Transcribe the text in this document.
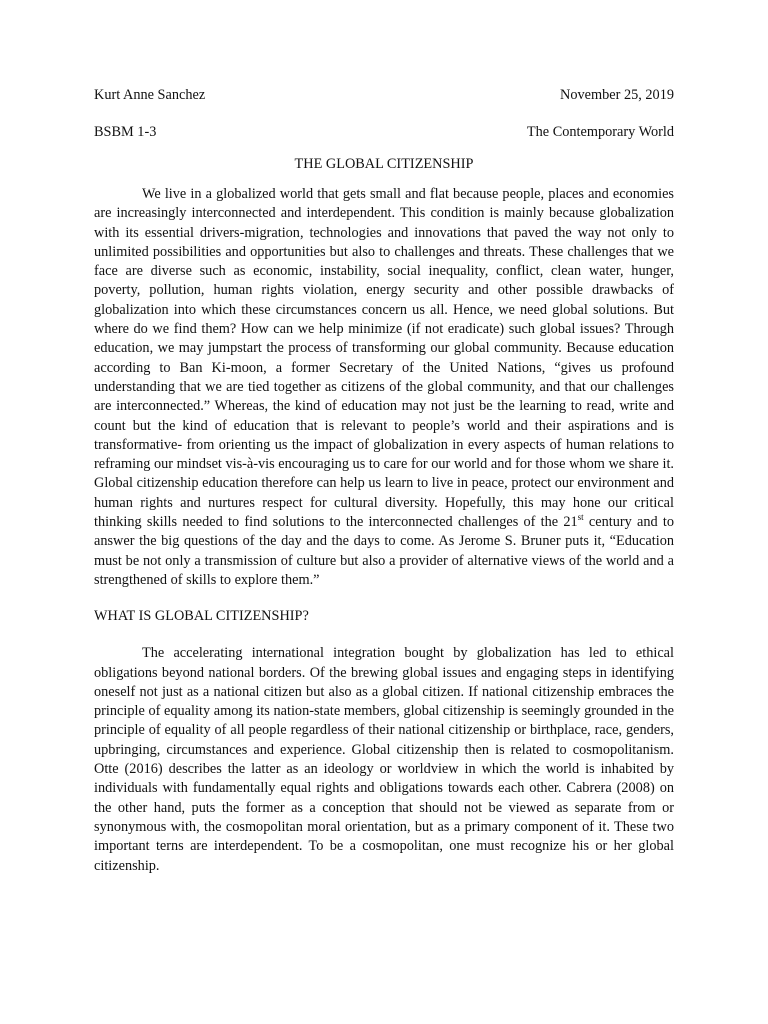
Kurt Anne Sanchez	November 25, 2019
BSBM 1-3	The Contemporary World
THE GLOBAL CITIZENSHIP

We live in a globalized world that gets small and flat because people, places and economies are increasingly interconnected and interdependent. This condition is mainly because globalization with its essential drivers-migration, technologies and innovations that paved the way not only to unlimited possibilities and opportunities but also to challenges and threats. These challenges that we face are diverse such as economic, instability, social inequality, conflict, clean water, hunger, poverty, pollution, human rights violation, energy security and other possible drawbacks of globalization into which these circumstances concern us all. Hence, we need global solutions. But where do we find them? How can we help minimize (if not eradicate) such global issues? Through education, we may jumpstart the process of transforming our global community. Because education according to Ban Ki-moon, a former Secretary of the United Nations, “gives us profound understanding that we are tied together as citizens of the global community, and that our challenges are interconnected.” Whereas, the kind of education may not just be the learning to read, write and count but the kind of education that is relevant to people’s world and their aspirations and is transformative- from orienting us the impact of globalization in every aspects of human relations to reframing our mindset vis-à-vis encouraging us to care for our world and for those whom we share it. Global citizenship education therefore can help us learn to live in peace, protect our environment and human rights and nurtures respect for cultural diversity. Hopefully, this may hone our critical thinking skills needed to find solutions to the interconnected challenges of the 21st century and to answer the big questions of the day and the days to come. As Jerome S. Bruner puts it, “Education must be not only a transmission of culture but also a provider of alternative views of the world and a strengthened of skills to explore them.”

WHAT IS GLOBAL CITIZENSHIP?

The accelerating international integration bought by globalization has led to ethical obligations beyond national borders. Of the brewing global issues and engaging steps in identifying oneself not just as a national citizen but also as a global citizen. If national citizenship embraces the principle of equality among its nation-state members, global citizenship is seemingly grounded in the principle of equality of all people regardless of their national citizenship or birthplace, race, genders, upbringing, circumstances and experience. Global citizenship then is related to cosmopolitanism. Otte (2016) describes the latter as an ideology or worldview in which the world is inhabited by individuals with fundamentally equal rights and obligations towards each other. Cabrera (2008) on the other hand, puts the former as a conception that should not be viewed as separate from or synonymous with, the cosmopolitan moral orientation, but as a primary component of it. These two important terns are interdependent. To be a cosmopolitan, one must recognize his or her global citizenship.
